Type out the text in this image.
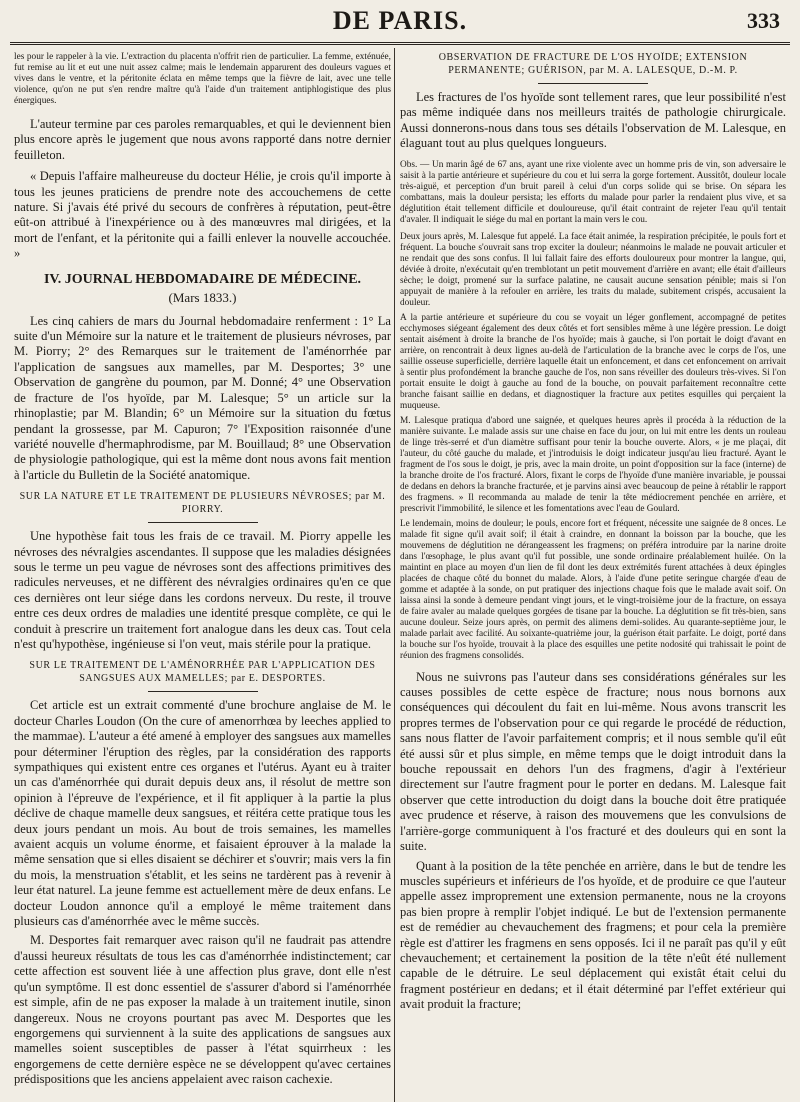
DE PARIS.	333

les pour le rappeler à la vie. L'extraction du placenta n'offrit rien de particulier. La femme, exténuée, fut remise au lit et eut une nuit assez calme; mais le lendemain apparurent des douleurs vagues et vives dans le ventre, et la péritonite éclata en même temps que la fièvre de lait, avec une telle violence, qu'on ne put s'en rendre maître qu'à l'aide d'un traitement antiphlogistique des plus énergiques.

L'auteur termine par ces paroles remarquables, et qui le deviennent bien plus encore après le jugement que nous avons rapporté dans notre dernier feuilleton.

« Depuis l'affaire malheureuse du docteur Hélie, je crois qu'il importe à tous les jeunes praticiens de prendre note des accouchemens de cette nature. Si j'avais été privé du secours de confrères à réputation, peut-être eût-on attribué à l'inexpérience ou à des manœuvres mal dirigées, et la mort de l'enfant, et la péritonite qui a failli enlever la nouvelle accouchée. »

IV. JOURNAL HEBDOMADAIRE DE MÉDECINE.

(Mars 1833.)

Les cinq cahiers de mars du Journal hebdomadaire renferment : 1° La suite d'un Mémoire sur la nature et le traitement de plusieurs névroses, par M. Piorry; 2° des Remarques sur le traitement de l'aménorrhée par l'application de sangsues aux mamelles, par M. Desportes; 3° une Observation de gangrène du poumon, par M. Donné; 4° une Observation de fracture de l'os hyoïde, par M. Lalesque; 5° un article sur la rhinoplastie; par M. Blandin; 6° un Mémoire sur la situation du fœtus pendant la grossesse, par M. Capuron; 7° l'Exposition raisonnée d'une variété nouvelle d'hermaphrodisme, par M. Bouillaud; 8° une Observation de physiologie pathologique, qui est la même dont nous avons fait mention à l'article du Bulletin de la Société anatomique.

SUR LA NATURE ET LE TRAITEMENT DE PLUSIEURS NÉVROSES; par M. PIORRY.

Une hypothèse fait tous les frais de ce travail. M. Piorry appelle les névroses des névralgies ascendantes. Il suppose que les maladies désignées sous le terme un peu vague de névroses sont des affections primitives des radicules nerveuses, et ne diffèrent des névralgies ordinaires qu'en ce que ces dernières ont leur siége dans les cordons nerveux. Du reste, il trouve entre ces deux ordres de maladies une identité presque complète, ce qui le conduit à prescrire un traitement fort analogue dans les deux cas. Tout cela n'est qu'hypothèse, ingénieuse si l'on veut, mais stérile pour la pratique.

SUR LE TRAITEMENT DE L'AMÉNORRHÉE PAR L'APPLICATION DES SANGSUES AUX MAMELLES; par E. DESPORTES.

Cet article est un extrait commenté d'une brochure anglaise de M. le docteur Charles Loudon (On the cure of amenorrhœa by leeches applied to the mammae). L'auteur a été amené à employer des sangsues aux mamelles pour déterminer l'éruption des règles, par la considération des rapports sympathiques qui existent entre ces organes et l'utérus. Ayant eu à traiter un cas d'aménorrhée qui durait depuis deux ans, il résolut de mettre son opinion à l'épreuve de l'expérience, et il fit appliquer à la partie la plus déclive de chaque mamelle deux sangsues, et réitéra cette pratique tous les deux jours pendant un mois. Au bout de trois semaines, les mamelles avaient acquis un volume énorme, et faisaient éprouver à la malade la même sensation que si elles disaient se déchirer et s'ouvrir; mais vers la fin du mois, la menstruation s'établit, et les seins ne tardèrent pas à revenir à leur état naturel. La jeune femme est actuellement mère de deux enfans. Le docteur Loudon annonce qu'il a employé le même traitement dans plusieurs cas d'aménorrhée avec le même succès.

M. Desportes fait remarquer avec raison qu'il ne faudrait pas attendre d'aussi heureux résultats de tous les cas d'aménorrhée indistinctement; car cette affection est souvent liée à une affection plus grave, dont elle n'est qu'un symptôme. Il est donc essentiel de s'assurer d'abord si l'aménorrhée est simple, afin de ne pas exposer la malade à un traitement inutile, sinon dangereux. Nous ne croyons pourtant pas avec M. Desportes que les engorgemens qui surviennent à la suite des applications de sangsues aux mamelles soient susceptibles de passer à l'état squirrheux : les engorgemens de cette dernière espèce ne se développent qu'avec certaines prédispositions que les anciens appelaient avec raison cachexie.

OBSERVATION DE FRACTURE DE L'OS HYOÏDE; EXTENSION PERMANENTE; GUÉRISON, par M. A. LALESQUE, D.-M. P.

Les fractures de l'os hyoïde sont tellement rares, que leur possibilité n'est pas même indiquée dans nos meilleurs traités de pathologie chirurgicale. Aussi donnerons-nous dans tous ses détails l'observation de M. Lalesque, en élaguant tout au plus quelques longueurs.

Obs. — Un marin âgé de 67 ans, ayant une rixe violente avec un homme pris de vin, son adversaire le saisit à la partie antérieure et supérieure du cou et lui serra la gorge fortement. Aussitôt, douleur locale très-aiguë, et perception d'un bruit pareil à celui d'un corps solide qui se brise. On sépara les combattans, mais la douleur persista; les efforts du malade pour parler la rendaient plus vive, et sa déglutition était tellement difficile et douloureuse, qu'il était contraint de rejeter l'eau qu'il tentait d'avaler. Il indiquait le siége du mal en portant la main vers le cou.

Deux jours après, M. Lalesque fut appelé. La face était animée, la respiration précipitée, le pouls fort et fréquent. La bouche s'ouvrait sans trop exciter la douleur; néanmoins le malade ne pouvait articuler et ne rendait que des sons confus. Il lui fallait faire des efforts douloureux pour montrer la langue, qui, déviée à droite, n'exécutait qu'en tremblotant un petit mouvement d'arrière en avant; elle était d'ailleurs sèche; le doigt, promené sur la surface palatine, ne causait aucune sensation pénible; mais si l'on appuyait de manière à la refouler en arrière, les traits du malade, subitement crispés, accusaient la douleur.

A la partie antérieure et supérieure du cou se voyait un léger gonflement, accompagné de petites ecchymoses siégeant également des deux côtés et fort sensibles même à une légère pression. Le doigt sentait aisément à droite la branche de l'os hyoïde; mais à gauche, si l'on portait le doigt d'avant en arrière, on rencontrait à deux lignes au-delà de l'articulation de la branche avec le corps de l'os, une saillie osseuse superficielle, derrière laquelle était un enfoncement, et dans cet enfoncement on arrivait à sentir plus profondément la branche gauche de l'os, non sans réveiller des douleurs très-vives. Si l'on portait ensuite le doigt à gauche au fond de la bouche, on pouvait parfaitement reconnaître cette branche faisant saillie en dedans, et diagnostiquer la fracture aux petites esquilles qui perçaient la muqueuse.

M. Lalesque pratiqua d'abord une saignée, et quelques heures après il procéda à la réduction de la manière suivante. Le malade assis sur une chaise en face du jour, on lui mit entre les dents un rouleau de linge très-serré et d'un diamètre suffisant pour tenir la bouche ouverte. Alors, « je me plaçai, dit l'auteur, du côté gauche du malade, et j'introduisis le doigt indicateur jusqu'au lieu fracturé. Ayant le fragment de l'os sous le doigt, je pris, avec la main droite, un point d'opposition sur la face (interne) de la branche droite de l'os fracturé. Alors, fixant le corps de l'hyoïde d'une manière invariable, je poussai de dedans en dehors la branche fracturée, et je parvins ainsi avec beaucoup de peine à rétablir le rapport des fragmens. » Il recommanda au malade de tenir la tête médiocrement penchée en arrière, et prescrivit l'immobilité, le silence et les fomentations avec l'eau de Goulard.

Le lendemain, moins de douleur; le pouls, encore fort et fréquent, nécessite une saignée de 8 onces. Le malade fit signe qu'il avait soif; il était à craindre, en donnant la boisson par la bouche, que les mouvemens de déglutition ne dérangeassent les fragmens; on préféra introduire par la narine droite dans l'œsophage, le plus avant qu'il fut possible, une sonde ordinaire préalablement huilée. On la maintint en place au moyen d'un lien de fil dont les deux extrémités furent attachées à deux épingles placées de chaque côté du bonnet du malade. Alors, à l'aide d'une petite seringue chargée d'eau de gomme et adaptée à la sonde, on put pratiquer des injections chaque fois que le malade avait soif. On laissa ainsi la sonde à demeure pendant vingt jours, et le vingt-troisième jour de la fracture, on essaya de faire avaler au malade quelques gorgées de tisane par la bouche. La déglutition se fit très-bien, sans aucune douleur. Seize jours après, on permit des alimens demi-solides. Au quarante-septième jour, le malade parlait avec facilité. Au soixante-quatrième jour, la guérison était parfaite. Le doigt, porté dans la bouche sur l'os hyoïde, trouvait à la place des esquilles une petite nodosité qui trahissait le point de réunion des fragmens consolidés.

Nous ne suivrons pas l'auteur dans ses considérations générales sur les causes possibles de cette espèce de fracture; nous nous bornons aux conséquences qui découlent du fait en lui-même. Nous avons transcrit les propres termes de l'observation pour ce qui regarde le procédé de réduction, sans nous flatter de l'avoir parfaitement compris; et il nous semble qu'il eût été aussi sûr et plus simple, en même temps que le doigt introduit dans la bouche repoussait en dehors l'un des fragmens, d'agir à l'extérieur directement sur l'autre fragment pour le porter en dedans. M. Lalesque fait observer que cette introduction du doigt dans la bouche doit être pratiquée avec prudence et réserve, à raison des mouvemens que les convulsions de l'arrière-gorge communiquent à l'os fracturé et des douleurs qui en sont la suite.

Quant à la position de la tête penchée en arrière, dans le but de tendre les muscles supérieurs et inférieurs de l'os hyoïde, et de produire ce que l'auteur appelle assez improprement une extension permanente, nous ne la croyons pas bien propre à remplir l'objet indiqué. Le but de l'extension permanente est de remédier au chevauchement des fragmens; et pour cela la première règle est d'attirer les fragmens en sens opposés. Ici il ne paraît pas qu'il y eût chevauchement; et certainement la position de la tête n'eût été nullement capable de le détruire. Le seul déplacement qui existât était celui du fragment postérieur en dedans; et il était déterminé par l'effet extérieur qui avait produit la fracture;
